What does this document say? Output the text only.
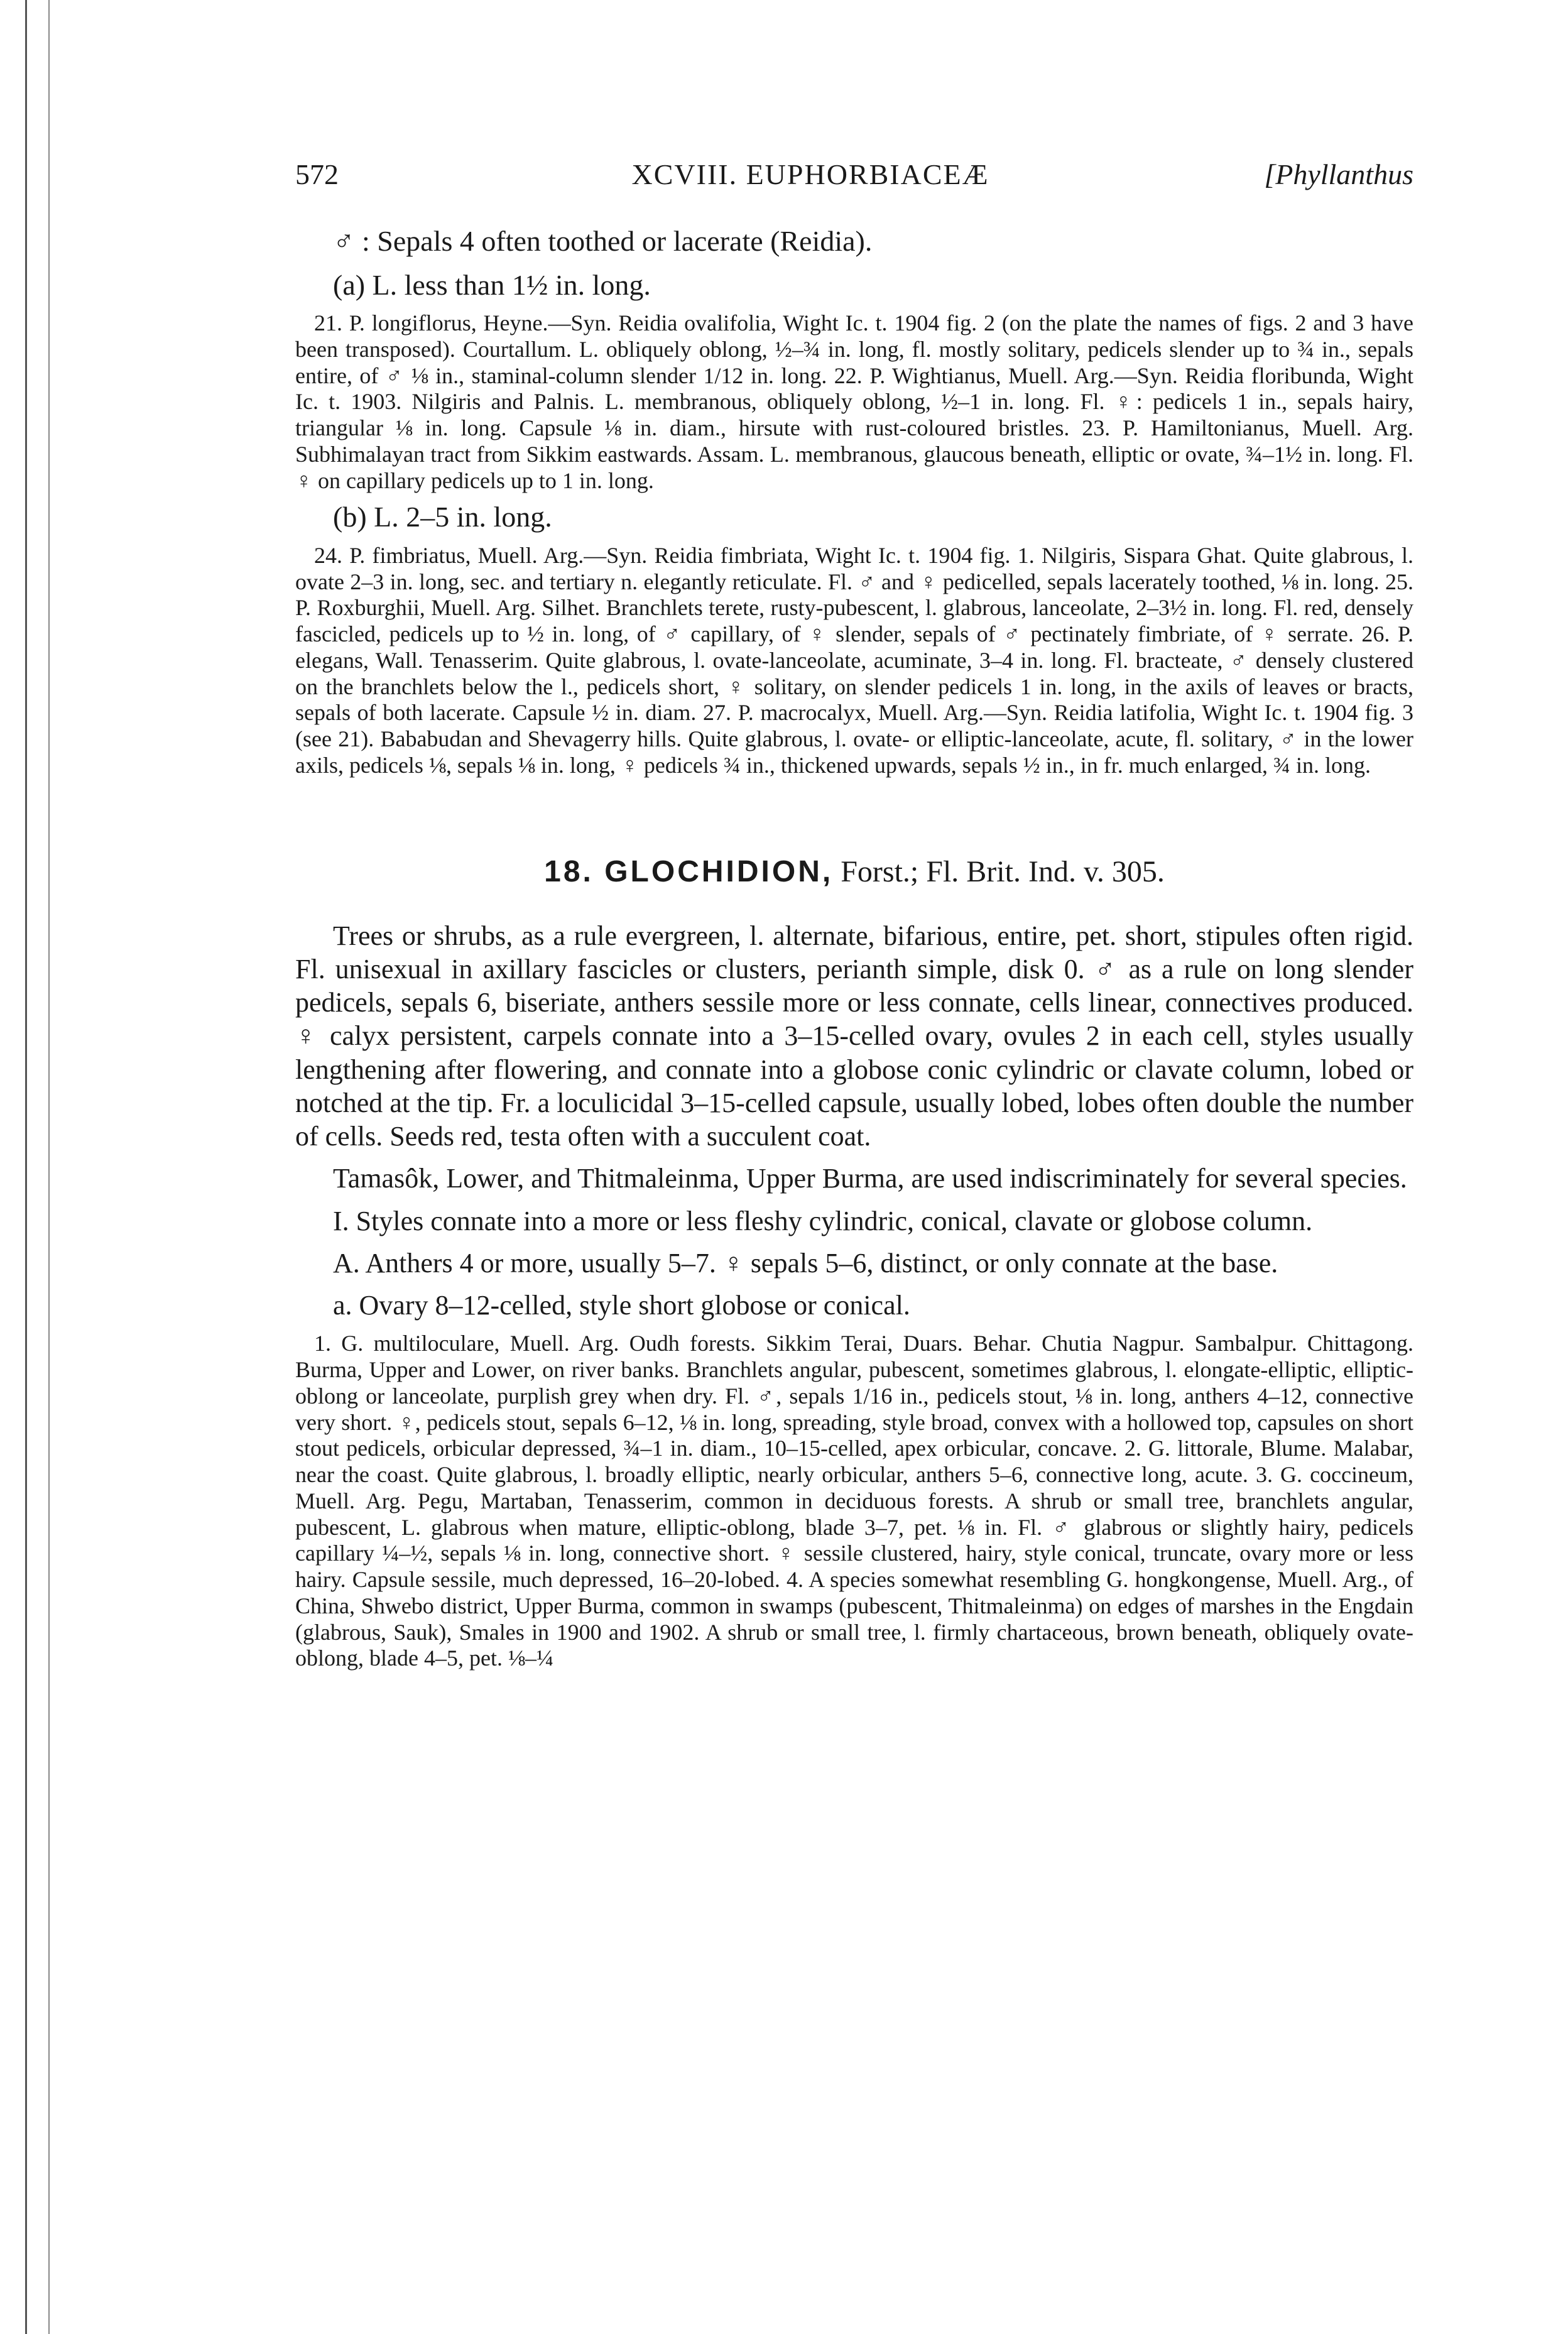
572	XCVIII. EUPHORBIACEÆ	[Phyllanthus
♂ : Sepals 4 often toothed or lacerate (Reidia).
(a) L. less than 1½ in. long.

21. P. longiflorus, Heyne.—Syn. Reidia ovalifolia, Wight Ic. t. 1904 fig. 2 (on the plate the names of figs. 2 and 3 have been transposed). Courtallum. L. obliquely oblong, ½–¾ in. long, fl. mostly solitary, pedicels slender up to ¾ in., sepals entire, of ♂ ⅛ in., staminal-column slender 1/12 in. long. 22. P. Wightianus, Muell. Arg.—Syn. Reidia floribunda, Wight Ic. t. 1903. Nilgiris and Palnis. L. membranous, obliquely oblong, ½–1 in. long. Fl. ♀: pedicels 1 in., sepals hairy, triangular ⅛ in. long. Capsule ⅛ in. diam., hirsute with rust-coloured bristles. 23. P. Hamiltonianus, Muell. Arg. Subhimalayan tract from Sikkim eastwards. Assam. L. membranous, glaucous beneath, elliptic or ovate, ¾–1½ in. long. Fl. ♀ on capillary pedicels up to 1 in. long.

(b) L. 2–5 in. long.

24. P. fimbriatus, Muell. Arg.—Syn. Reidia fimbriata, Wight Ic. t. 1904 fig. 1. Nilgiris, Sispara Ghat. Quite glabrous, l. ovate 2–3 in. long, sec. and tertiary n. elegantly reticulate. Fl. ♂ and ♀ pedicelled, sepals lacerately toothed, ⅛ in. long. 25. P. Roxburghii, Muell. Arg. Silhet. Branchlets terete, rusty-pubescent, l. glabrous, lanceolate, 2–3½ in. long. Fl. red, densely fascicled, pedicels up to ½ in. long, of ♂ capillary, of ♀ slender, sepals of ♂ pectinately fimbriate, of ♀ serrate. 26. P. elegans, Wall. Tenasserim. Quite glabrous, l. ovate-lanceolate, acuminate, 3–4 in. long. Fl. bracteate, ♂ densely clustered on the branchlets below the l., pedicels short, ♀ solitary, on slender pedicels 1 in. long, in the axils of leaves or bracts, sepals of both lacerate. Capsule ½ in. diam. 27. P. macrocalyx, Muell. Arg.—Syn. Reidia latifolia, Wight Ic. t. 1904 fig. 3 (see 21). Bababudan and Shevagerry hills. Quite glabrous, l. ovate- or elliptic-lanceolate, acute, fl. solitary, ♂ in the lower axils, pedicels ⅛, sepals ⅛ in. long, ♀ pedicels ¾ in., thickened upwards, sepals ½ in., in fr. much enlarged, ¾ in. long.

18. GLOCHIDION, Forst.; Fl. Brit. Ind. v. 305.

Trees or shrubs, as a rule evergreen, l. alternate, bifarious, entire, pet. short, stipules often rigid. Fl. unisexual in axillary fascicles or clusters, perianth simple, disk 0. ♂ as a rule on long slender pedicels, sepals 6, biseriate, anthers sessile more or less connate, cells linear, connectives produced. ♀ calyx persistent, carpels connate into a 3–15-celled ovary, ovules 2 in each cell, styles usually lengthening after flowering, and connate into a globose conic cylindric or clavate column, lobed or notched at the tip. Fr. a loculicidal 3–15-celled capsule, usually lobed, lobes often double the number of cells. Seeds red, testa often with a succulent coat.

Tamasôk, Lower, and Thitmaleinma, Upper Burma, are used indiscriminately for several species.

I. Styles connate into a more or less fleshy cylindric, conical, clavate or globose column.

A. Anthers 4 or more, usually 5–7. ♀ sepals 5–6, distinct, or only connate at the base.

a. Ovary 8–12-celled, style short globose or conical.

1. G. multiloculare, Muell. Arg. Oudh forests. Sikkim Terai, Duars. Behar. Chutia Nagpur. Sambalpur. Chittagong. Burma, Upper and Lower, on river banks. Branchlets angular, pubescent, sometimes glabrous, l. elongate-elliptic, elliptic-oblong or lanceolate, purplish grey when dry. Fl. ♂, sepals 1/16 in., pedicels stout, ⅛ in. long, anthers 4–12, connective very short. ♀, pedicels stout, sepals 6–12, ⅛ in. long, spreading, style broad, convex with a hollowed top, capsules on short stout pedicels, orbicular depressed, ¾–1 in. diam., 10–15-celled, apex orbicular, concave. 2. G. littorale, Blume. Malabar, near the coast. Quite glabrous, l. broadly elliptic, nearly orbicular, anthers 5–6, connective long, acute. 3. G. coccineum, Muell. Arg. Pegu, Martaban, Tenasserim, common in deciduous forests. A shrub or small tree, branchlets angular, pubescent, L. glabrous when mature, elliptic-oblong, blade 3–7, pet. ⅛ in. Fl. ♂ glabrous or slightly hairy, pedicels capillary ¼–½, sepals ⅛ in. long, connective short. ♀ sessile clustered, hairy, style conical, truncate, ovary more or less hairy. Capsule sessile, much depressed, 16–20-lobed. 4. A species somewhat resembling G. hongkongense, Muell. Arg., of China, Shwebo district, Upper Burma, common in swamps (pubescent, Thitmaleinma) on edges of marshes in the Engdain (glabrous, Sauk), Smales in 1900 and 1902. A shrub or small tree, l. firmly chartaceous, brown beneath, obliquely ovate-oblong, blade 4–5, pet. ⅛–¼
